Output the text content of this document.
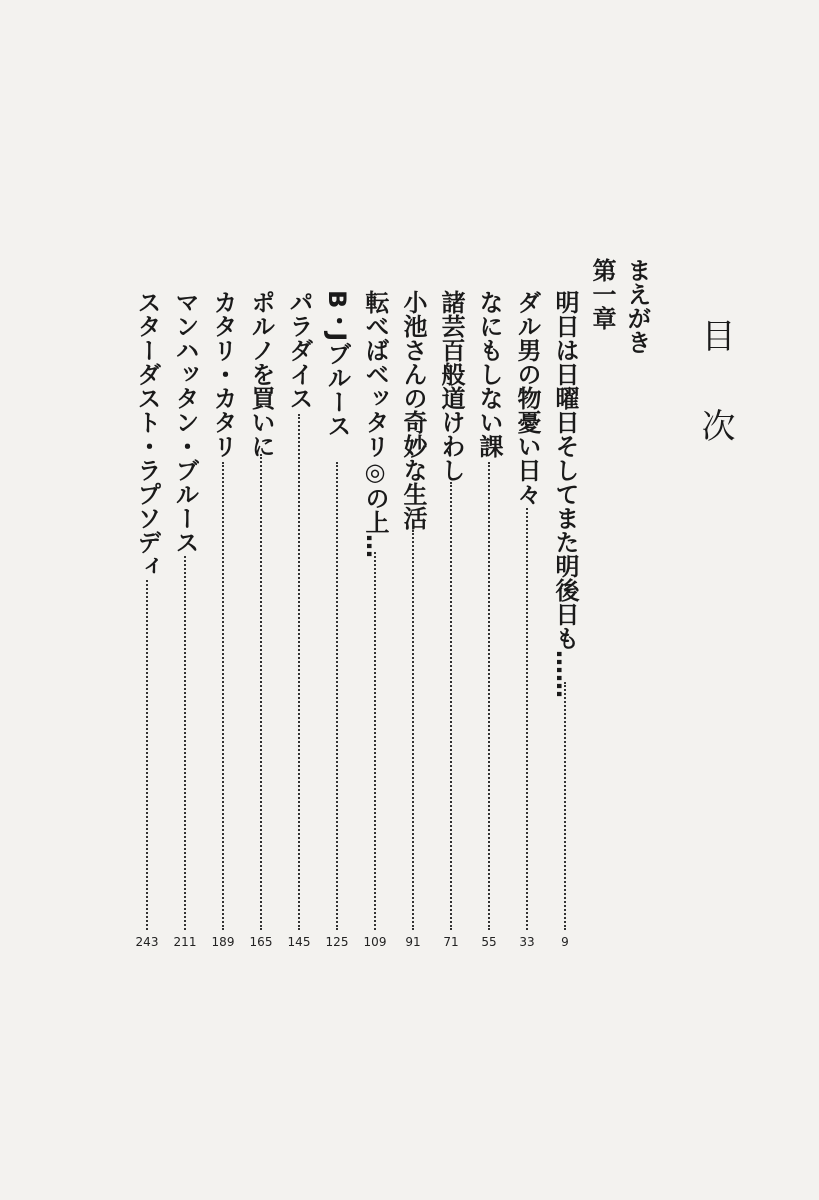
目
次
まえがき
第一章
明日は日曜日そしてまた明後日も……
9
ダル男の物憂い日々
33
なにもしない課
55
諸芸百般道けわし
71
小池さんの奇妙な生活
91
転べばベッタリ◎の上…
109
B・Jブルース
125
パラダイス
145
ポルノを買いに
165
カタリ・カタリ
189
マンハッタン・ブルース
211
スターダスト・ラプソディ
243
